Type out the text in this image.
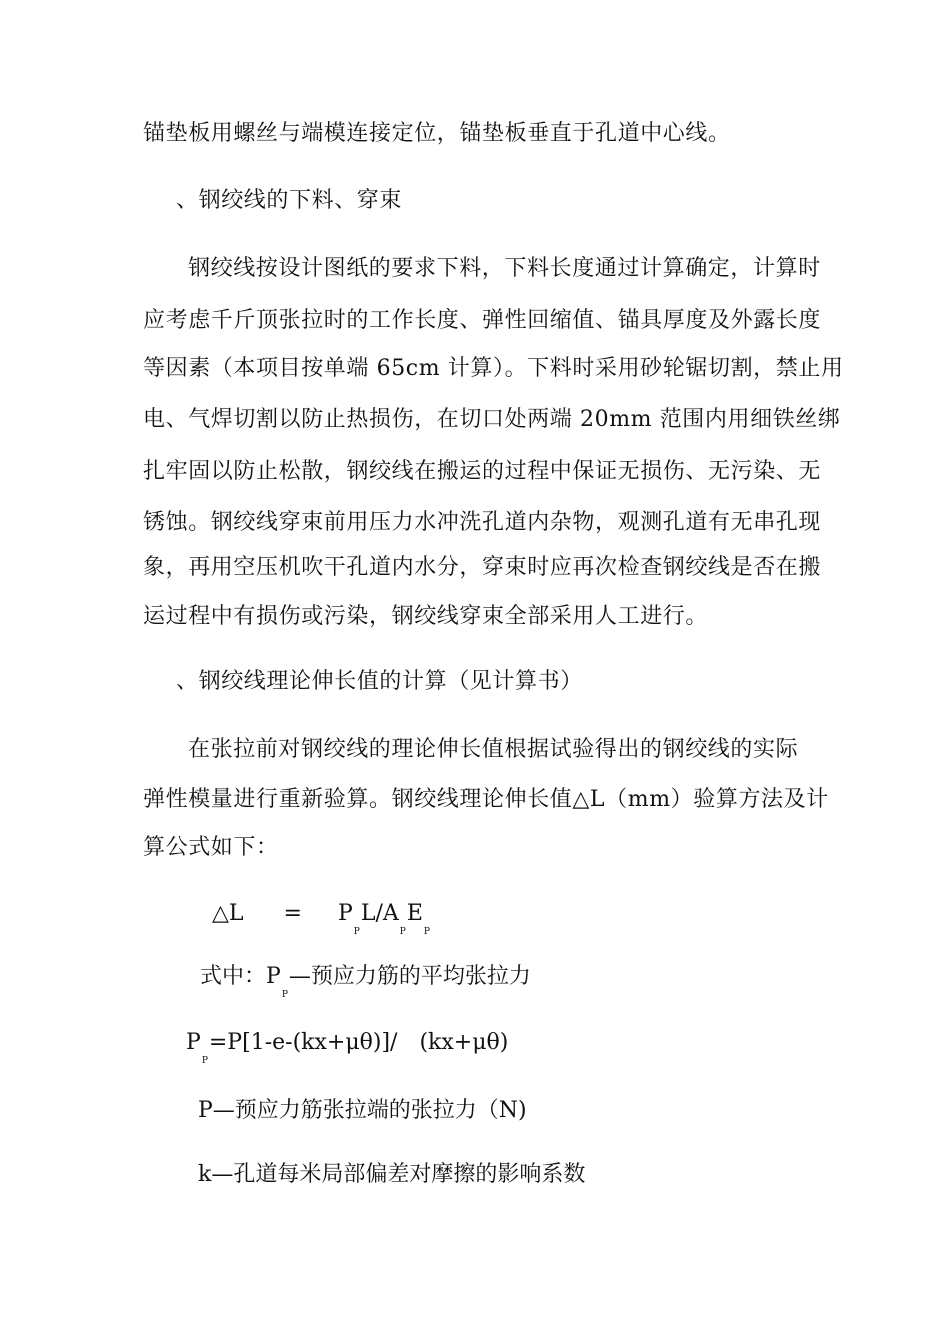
锚垫板用螺丝与端模连接定位，锚垫板垂直于孔道中心线。
、钢绞线的下料、穿束
钢绞线按设计图纸的要求下料，下料长度通过计算确定，计算时
应考虑千斤顶张拉时的工作长度、弹性回缩值、锚具厚度及外露长度
等因素（本项目按单端 65cm 计算）。下料时采用砂轮锯切割，禁止用
电、气焊切割以防止热损伤，在切口处两端 20mm 范围内用细铁丝绑
扎牢固以防止松散，钢绞线在搬运的过程中保证无损伤、无污染、无
锈蚀。钢绞线穿束前用压力水冲洗孔道内杂物，观测孔道有无串孔现
象，再用空压机吹干孔道内水分，穿束时应再次检查钢绞线是否在搬
运过程中有损伤或污染，钢绞线穿束全部采用人工进行。
、钢绞线理论伸长值的计算（见计算书）
在张拉前对钢绞线的理论伸长值根据试验得出的钢绞线的实际
弹性模量进行重新验算。钢绞线理论伸长值△L（mm）验算方法及计
算公式如下：
△L = PPL/APEP
式中：PP—预应力筋的平均张拉力
PP=P[1-e-(kx+μθ)]/　(kx+μθ)
P—预应力筋张拉端的张拉力（N)
k—孔道每米局部偏差对摩擦的影响系数
